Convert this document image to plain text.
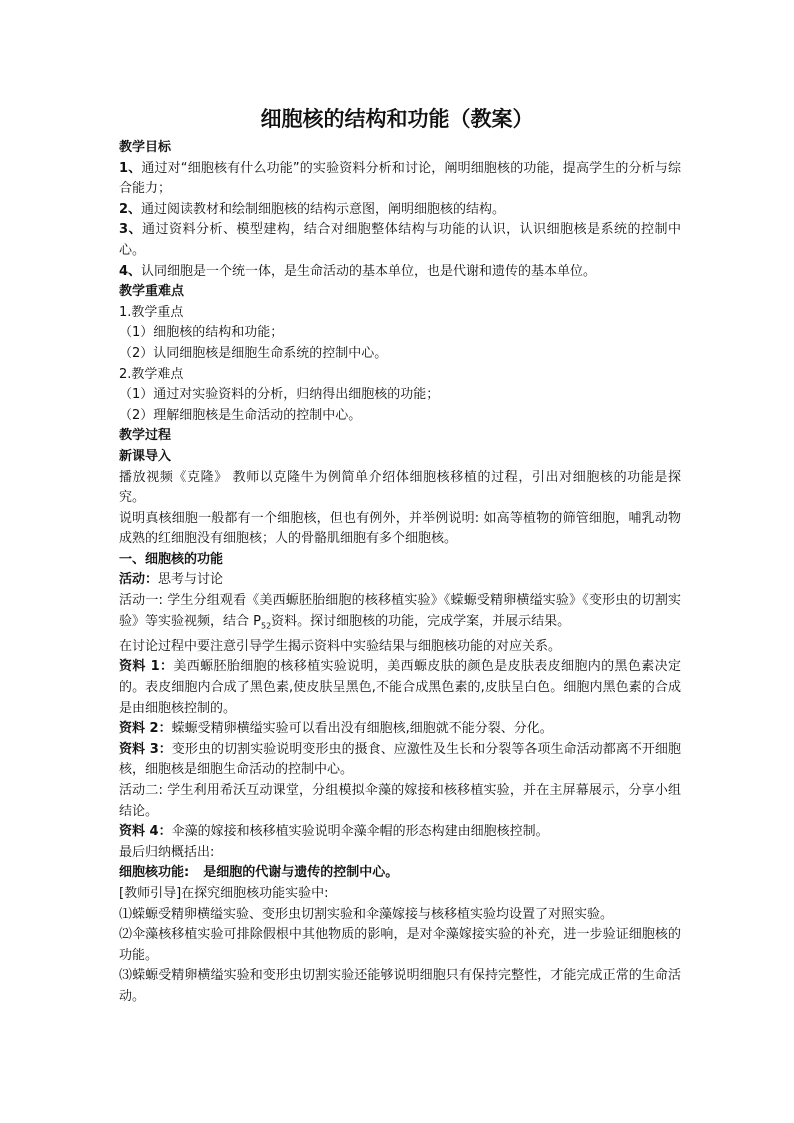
细胞核的结构和功能（教案）

教学目标

1、通过对“细胞核有什么功能”的实验资料分析和讨论，阐明细胞核的功能，提高学生的分析与综合能力；

2、通过阅读教材和绘制细胞核的结构示意图，阐明细胞核的结构。

3、通过资料分析、模型建构，结合对细胞整体结构与功能的认识，认识细胞核是系统的控制中心。

4、认同细胞是一个统一体，是生命活动的基本单位，也是代谢和遗传的基本单位。

教学重难点

1.教学重点

（1）细胞核的结构和功能；

（2）认同细胞核是细胞生命系统的控制中心。

2.教学难点

（1）通过对实验资料的分析，归纳得出细胞核的功能；

（2）理解细胞核是生命活动的控制中心。

教学过程

新课导入

播放视频《克隆》 教师以克隆牛为例简单介绍体细胞核移植的过程，引出对细胞核的功能是探究。

说明真核细胞一般都有一个细胞核，但也有例外，并举例说明: 如高等植物的筛管细胞，哺乳动物成熟的红细胞没有细胞核；人的骨骼肌细胞有多个细胞核。

一、细胞核的功能

活动：思考与讨论

活动一: 学生分组观看《美西螈胚胎细胞的核移植实验》《蝾螈受精卵横缢实验》《变形虫的切割实验》等实验视频，结合 $P_{52}$资料。探讨细胞核的功能，完成学案，并展示结果。

在讨论过程中要注意引导学生揭示资料中实验结果与细胞核功能的对应关系。

资料 1：美西螈胚胎细胞的核移植实验说明，美西螈皮肤的颜色是皮肤表皮细胞内的黑色素决定的。表皮细胞内合成了黑色素,使皮肤呈黑色,不能合成黑色素的,皮肤呈白色。细胞内黑色素的合成是由细胞核控制的。

资料 2：蝾螈受精卵横缢实验可以看出没有细胞核,细胞就不能分裂、分化。

资料 3：变形虫的切割实验说明变形虫的摄食、应激性及生长和分裂等各项生命活动都离不开细胞核，细胞核是细胞生命活动的控制中心。

活动二: 学生利用希沃互动课堂，分组模拟伞藻的嫁接和核移植实验，并在主屏幕展示，分享小组结论。

资料 4：伞藻的嫁接和核移植实验说明伞藻伞帽的形态构建由细胞核控制。

最后归纳概括出:

细胞核功能: 是细胞的代谢与遗传的控制中心。

[教师引导]在探究细胞核功能实验中:

⑴蝾螈受精卵横缢实验、变形虫切割实验和伞藻嫁接与核移植实验均设置了对照实验。

⑵伞藻核移植实验可排除假根中其他物质的影响，是对伞藻嫁接实验的补充，进一步验证细胞核的功能。

⑶蝾螈受精卵横缢实验和变形虫切割实验还能够说明细胞只有保持完整性，才能完成正常的生命活动。
